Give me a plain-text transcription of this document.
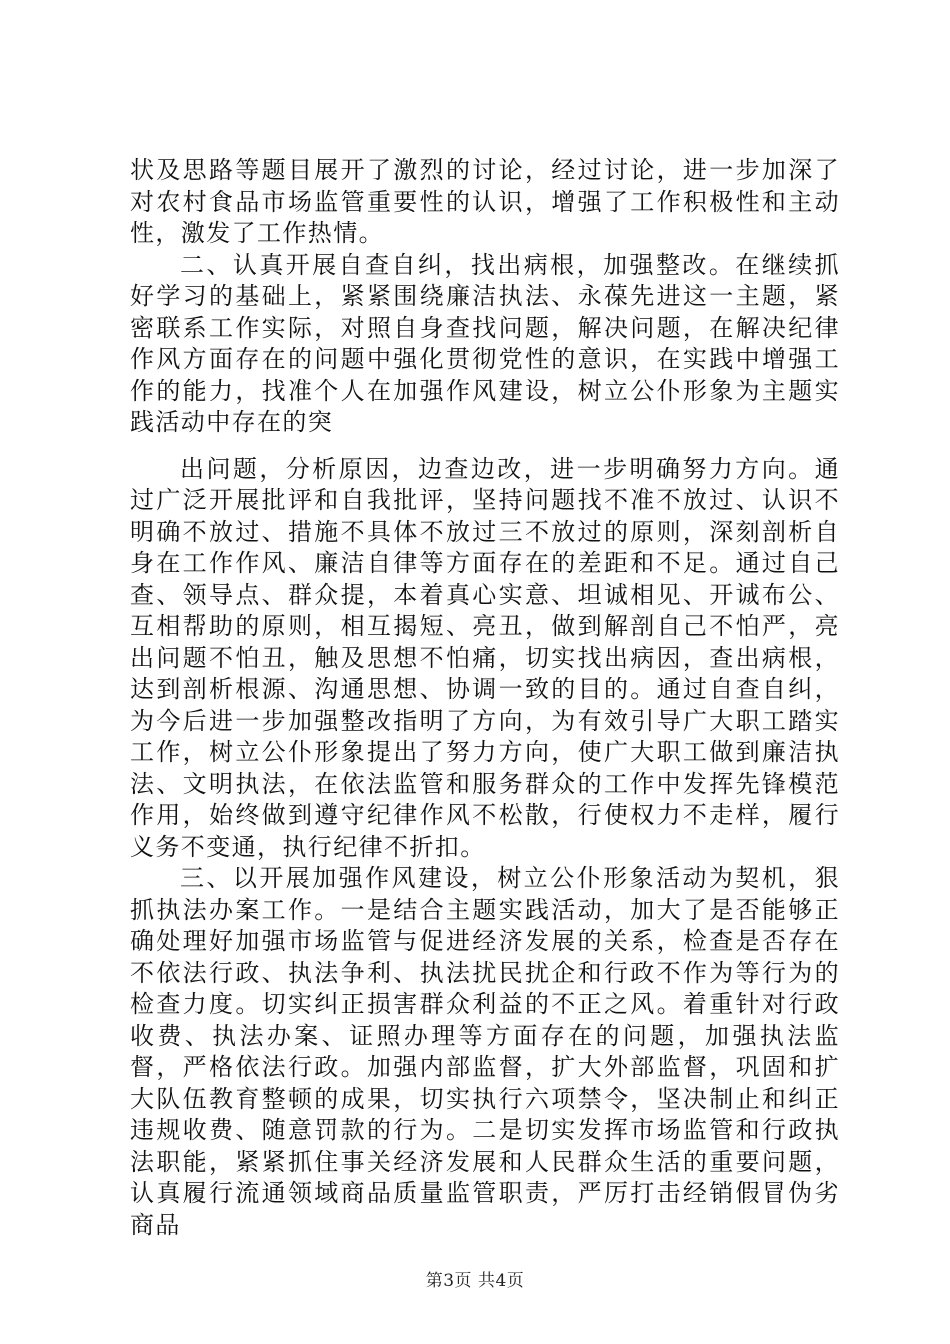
状及思路等题目展开了激烈的讨论，经过讨论，进一步加深了对农村食品市场监管重要性的认识，增强了工作积极性和主动性，激发了工作热情。

二、认真开展自查自纠，找出病根，加强整改。在继续抓好学习的基础上，紧紧围绕廉洁执法、永葆先进这一主题，紧密联系工作实际，对照自身查找问题，解决问题，在解决纪律作风方面存在的问题中强化贯彻党性的意识，在实践中增强工作的能力，找准个人在加强作风建设，树立公仆形象为主题实践活动中存在的突

出问题，分析原因，边查边改，进一步明确努力方向。通过广泛开展批评和自我批评，坚持问题找不准不放过、认识不明确不放过、措施不具体不放过三不放过的原则，深刻剖析自身在工作作风、廉洁自律等方面存在的差距和不足。通过自己查、领导点、群众提，本着真心实意、坦诚相见、开诚布公、互相帮助的原则，相互揭短、亮丑，做到解剖自己不怕严，亮出问题不怕丑，触及思想不怕痛，切实找出病因，查出病根，达到剖析根源、沟通思想、协调一致的目的。通过自查自纠，为今后进一步加强整改指明了方向，为有效引导广大职工踏实工作，树立公仆形象提出了努力方向，使广大职工做到廉洁执法、文明执法，在依法监管和服务群众的工作中发挥先锋模范作用，始终做到遵守纪律作风不松散，行使权力不走样，履行义务不变通，执行纪律不折扣。

三、以开展加强作风建设，树立公仆形象活动为契机，狠抓执法办案工作。一是结合主题实践活动，加大了是否能够正确处理好加强市场监管与促进经济发展的关系，检查是否存在不依法行政、执法争利、执法扰民扰企和行政不作为等行为的检查力度。切实纠正损害群众利益的不正之风。着重针对行政收费、执法办案、证照办理等方面存在的问题，加强执法监督，严格依法行政。加强内部监督，扩大外部监督，巩固和扩大队伍教育整顿的成果，切实执行六项禁令，坚决制止和纠正违规收费、随意罚款的行为。二是切实发挥市场监管和行政执法职能，紧紧抓住事关经济发展和人民群众生活的重要问题，认真履行流通领域商品质量监管职责，严厉打击经销假冒伪劣商品

第3页 共4页
